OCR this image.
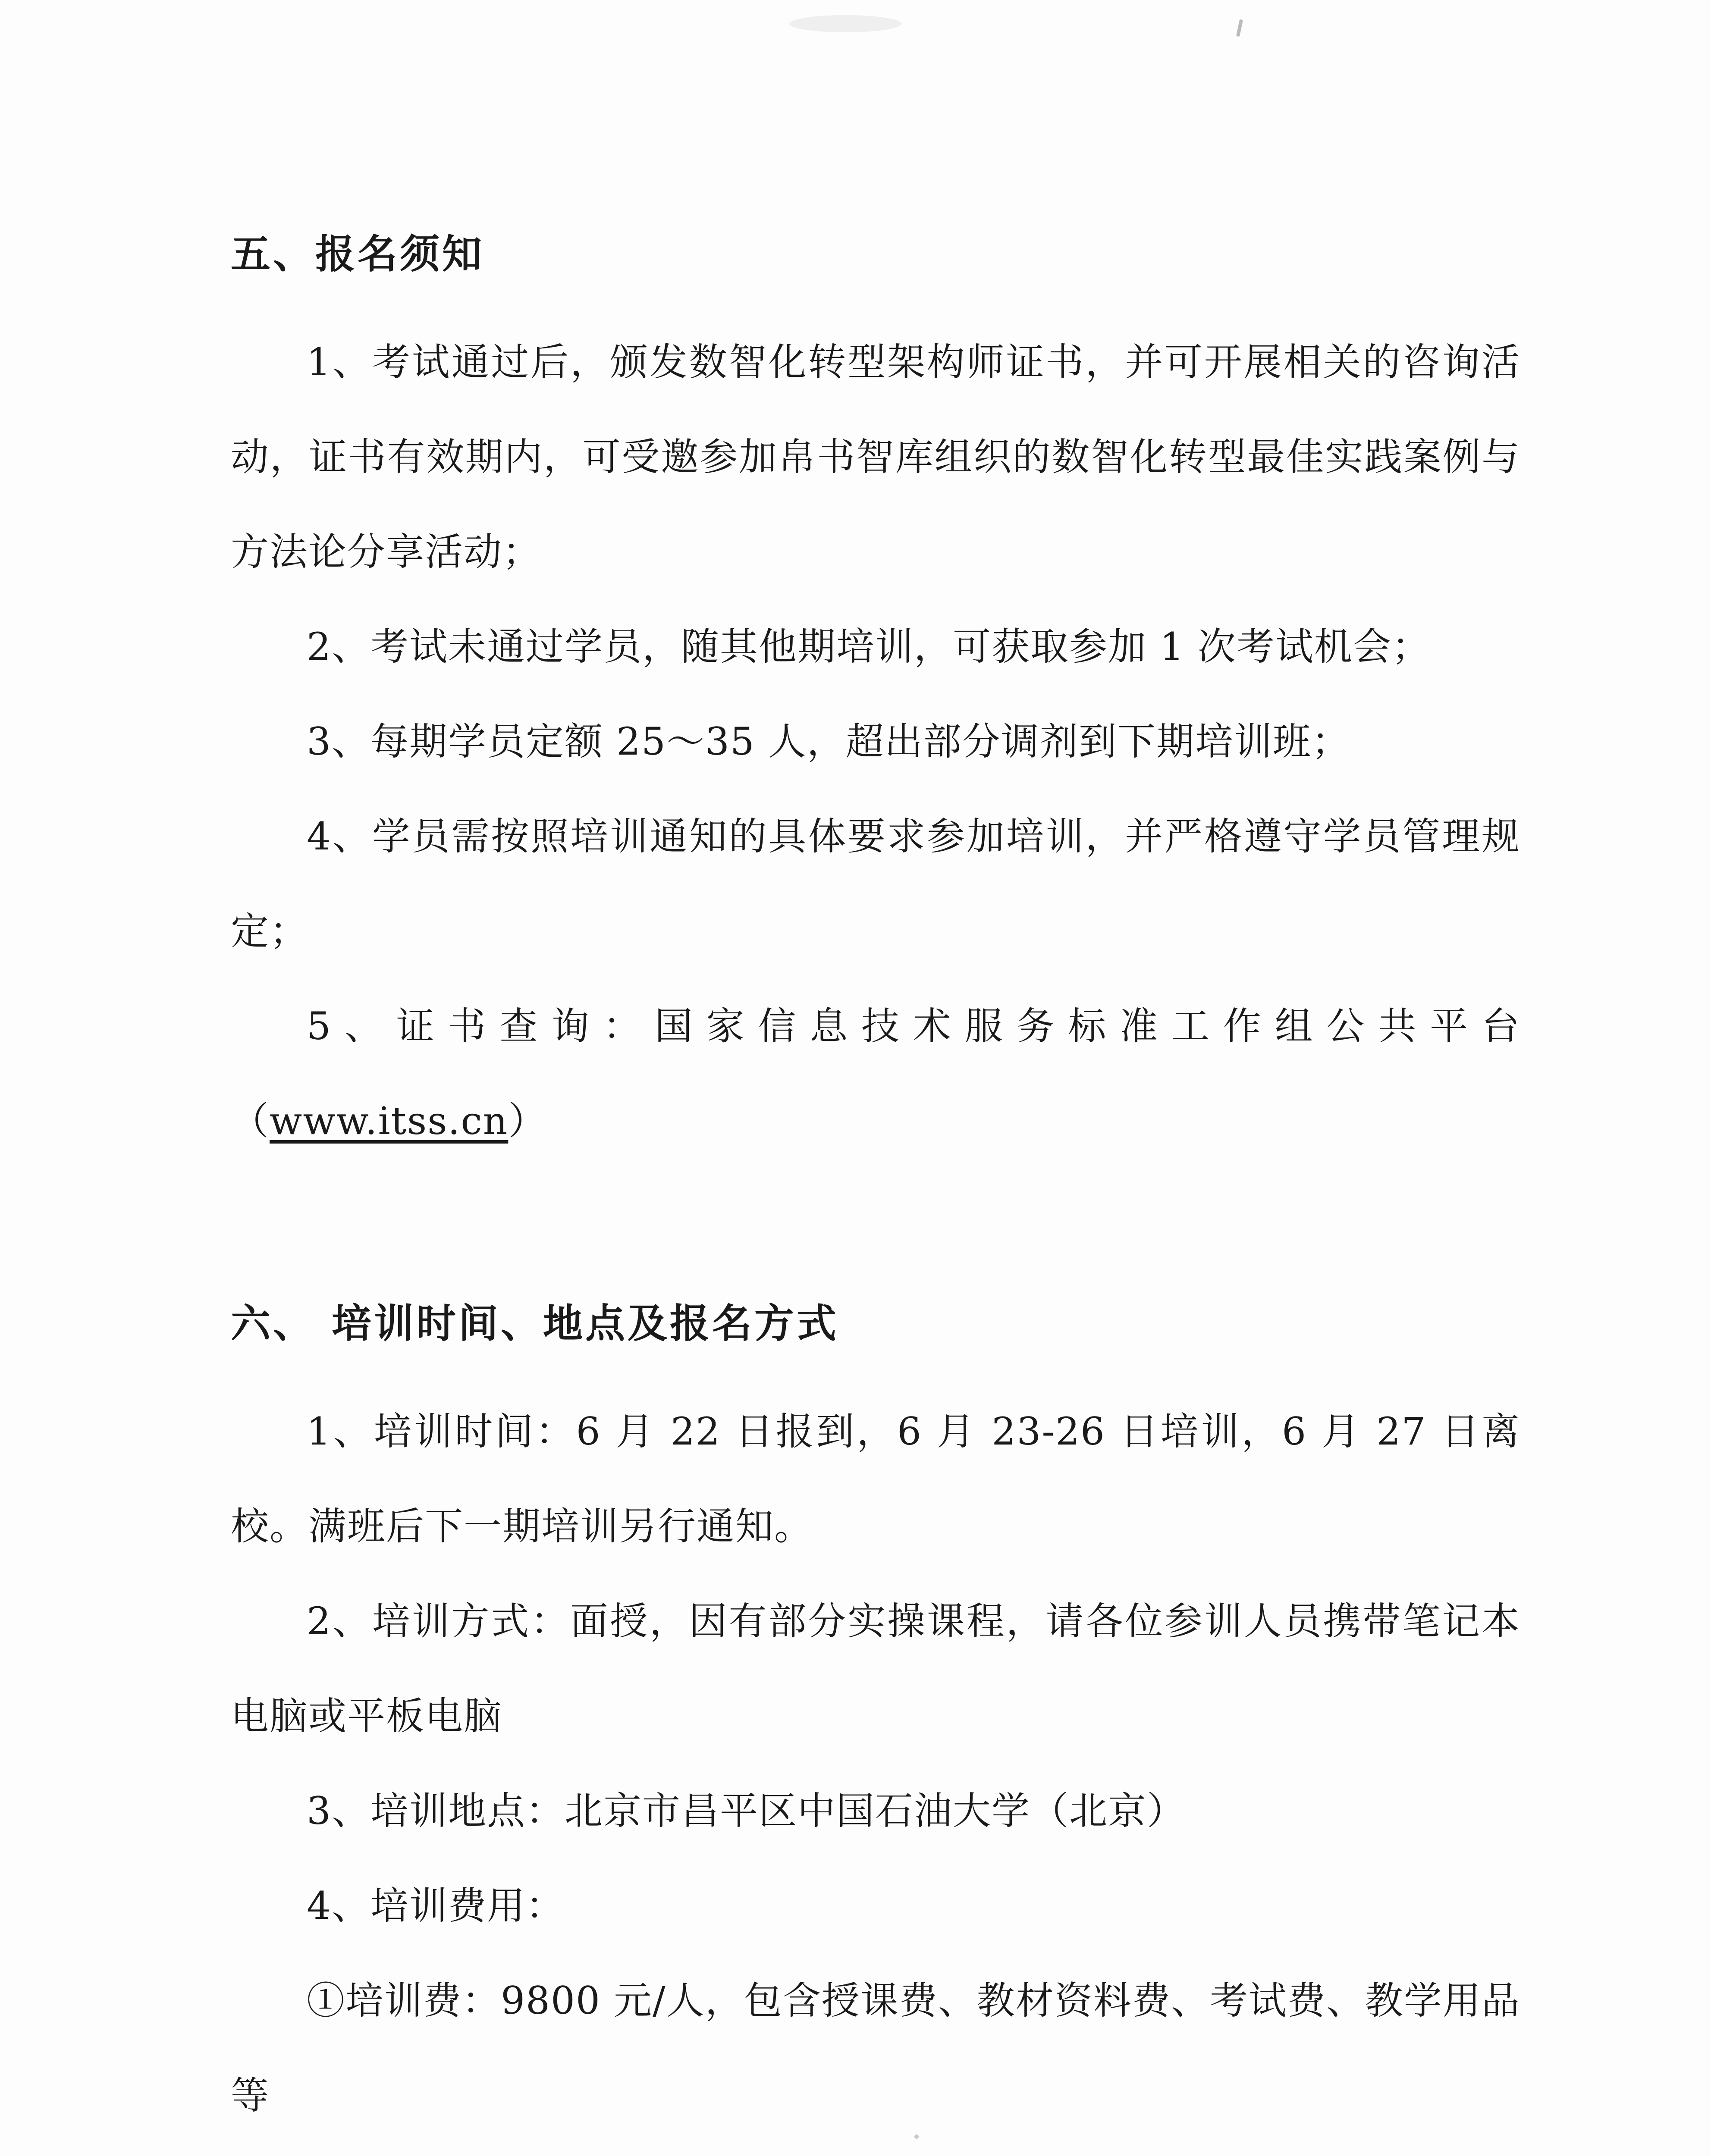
五、报名须知

1、考试通过后，颁发数智化转型架构师证书，并可开展相关的咨询活动，证书有效期内，可受邀参加帛书智库组织的数智化转型最佳实践案例与方法论分享活动；

2、考试未通过学员，随其他期培训，可获取参加 1 次考试机会；

3、每期学员定额 25～35 人，超出部分调剂到下期培训班；

4、学员需按照培训通知的具体要求参加培训，并严格遵守学员管理规定；

5、证书查询：国家信息技术服务标准工作组公共平台（www.itss.cn）

六、 培训时间、地点及报名方式

1、培训时间：6 月 22 日报到，6 月 23-26 日培训，6 月 27 日离校。满班后下一期培训另行通知。

2、培训方式：面授，因有部分实操课程，请各位参训人员携带笔记本电脑或平板电脑

3、培训地点：北京市昌平区中国石油大学（北京）

4、培训费用：

①培训费：9800 元/人，包含授课费、教材资料费、考试费、教学用品等
